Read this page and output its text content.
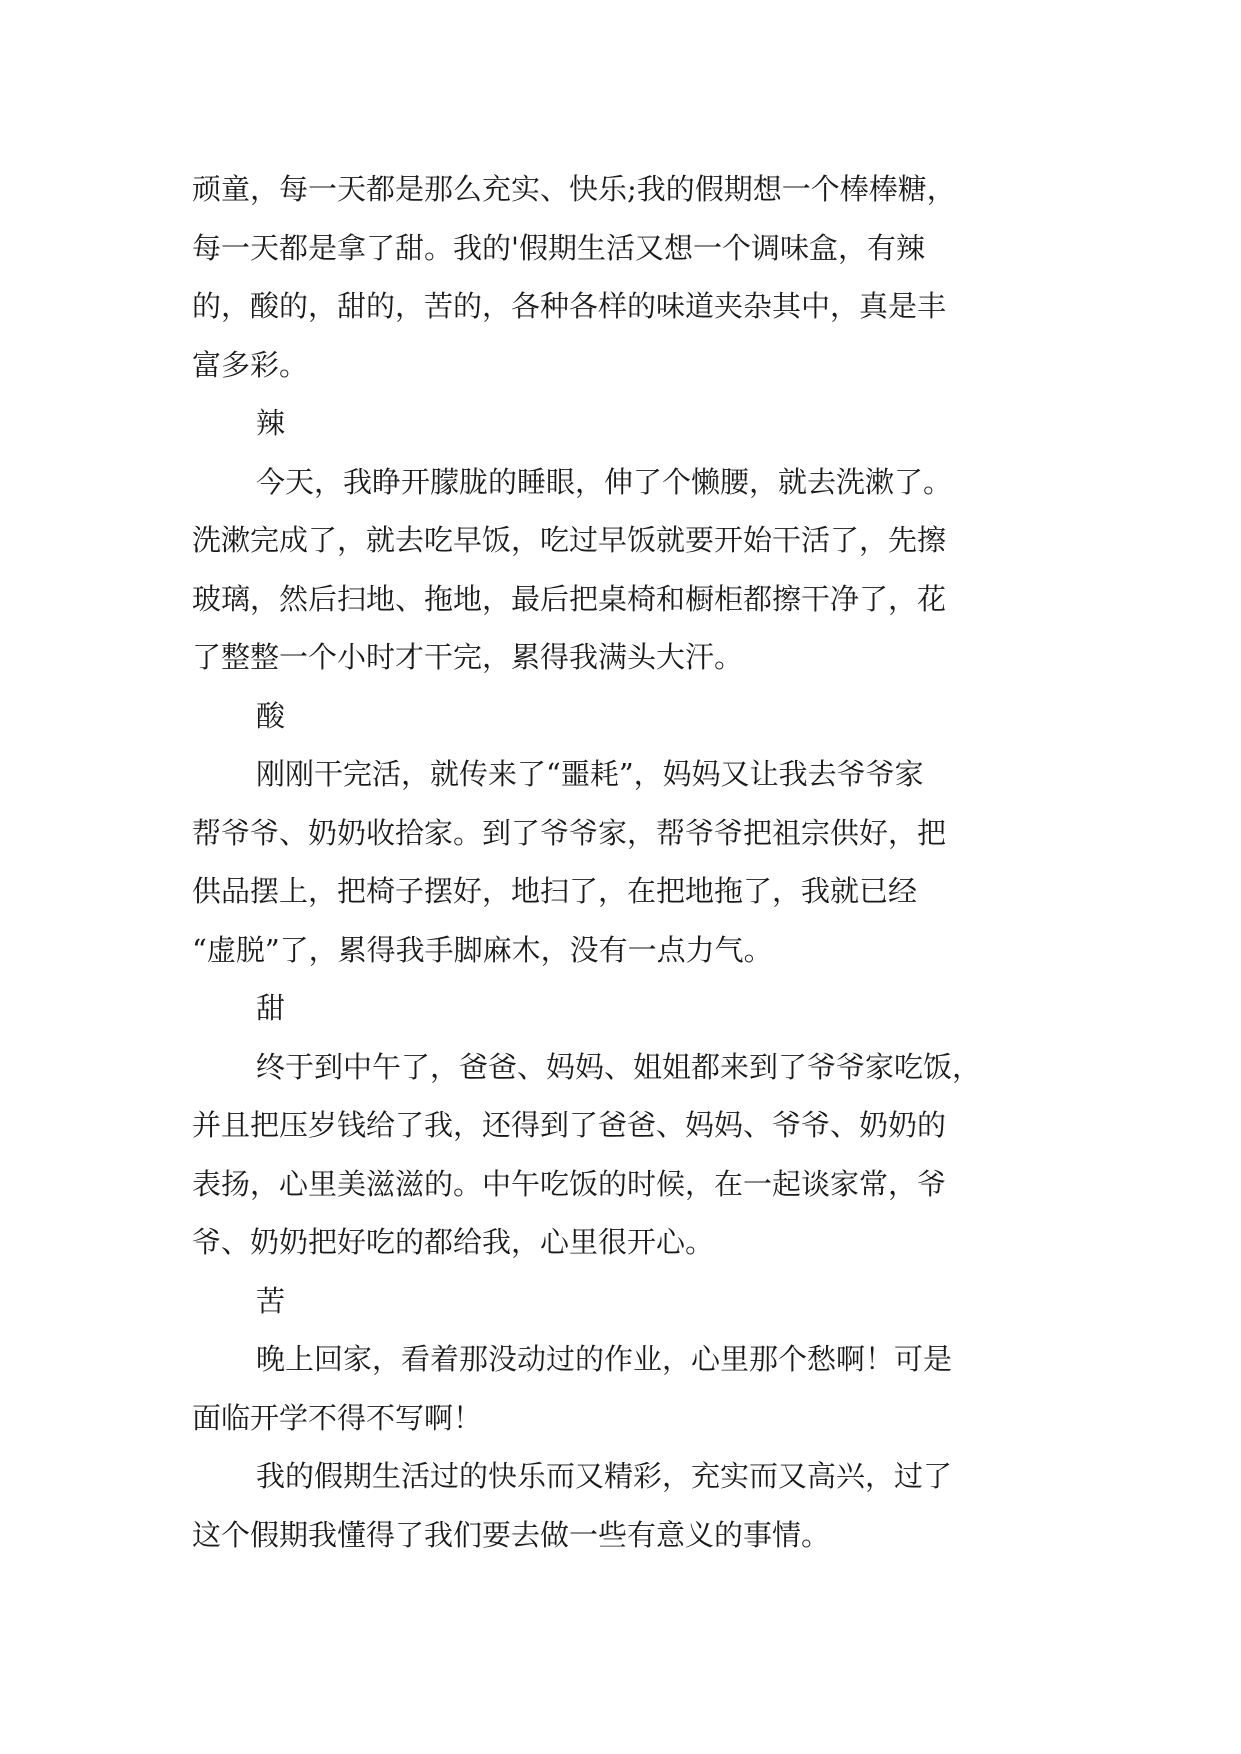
顽童，每一天都是那么充实、快乐;我的假期想一个棒棒糖，
每一天都是拿了甜。我的'假期生活又想一个调味盒，有辣
的，酸的，甜的，苦的，各种各样的味道夹杂其中，真是丰
富多彩。
辣
今天，我睁开朦胧的睡眼，伸了个懒腰，就去洗漱了。
洗漱完成了，就去吃早饭，吃过早饭就要开始干活了，先擦
玻璃，然后扫地、拖地，最后把桌椅和橱柜都擦干净了，花
了整整一个小时才干完，累得我满头大汗。
酸
刚刚干完活，就传来了“噩耗”，妈妈又让我去爷爷家
帮爷爷、奶奶收拾家。到了爷爷家，帮爷爷把祖宗供好，把
供品摆上，把椅子摆好，地扫了，在把地拖了，我就已经
“虚脱”了，累得我手脚麻木，没有一点力气。
甜
终于到中午了，爸爸、妈妈、姐姐都来到了爷爷家吃饭，
并且把压岁钱给了我，还得到了爸爸、妈妈、爷爷、奶奶的
表扬，心里美滋滋的。中午吃饭的时候，在一起谈家常，爷
爷、奶奶把好吃的都给我，心里很开心。
苦
晚上回家，看着那没动过的作业，心里那个愁啊！可是
面临开学不得不写啊！
我的假期生活过的快乐而又精彩，充实而又高兴，过了
这个假期我懂得了我们要去做一些有意义的事情。
